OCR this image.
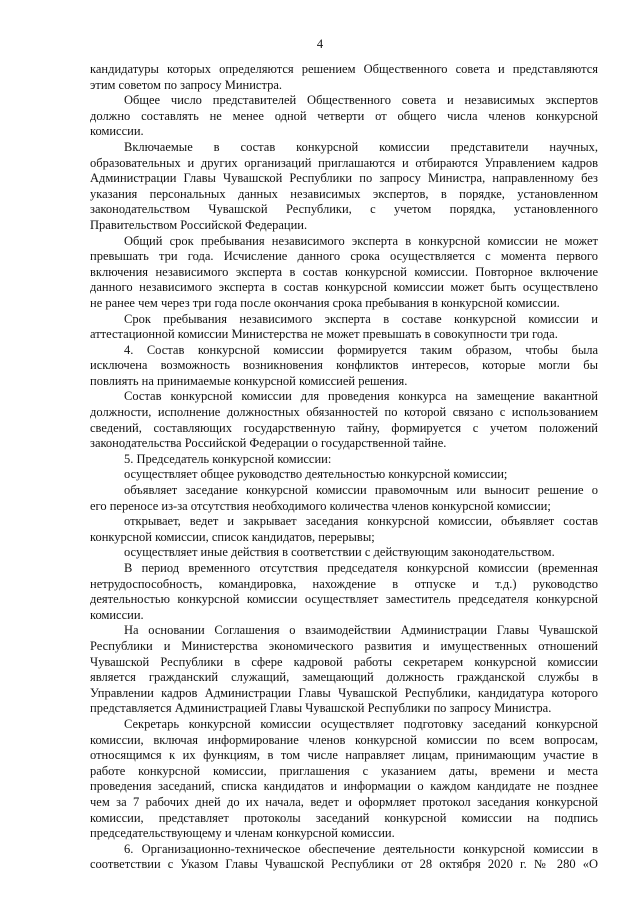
4
кандидатуры которых определяются решением Общественного совета и представляются
этим советом по запросу Министра.
Общее число представителей Общественного совета и независимых экспертов
должно составлять не менее одной четверти от общего числа членов конкурсной
комиссии.
Включаемые в состав конкурсной комиссии представители научных,
образовательных и других организаций приглашаются и отбираются Управлением кадров
Администрации Главы Чувашской Республики по запросу Министра, направленному без
указания персональных данных независимых экспертов, в порядке, установленном
законодательством Чувашской Республики, с учетом порядка, установленного
Правительством Российской Федерации.
Общий срок пребывания независимого эксперта в конкурсной комиссии не может
превышать три года. Исчисление данного срока осуществляется с момента первого
включения независимого эксперта в состав конкурсной комиссии. Повторное включение
данного независимого эксперта в состав конкурсной комиссии может быть осуществлено
не ранее чем через три года после окончания срока пребывания в конкурсной комиссии.
Срок пребывания независимого эксперта в составе конкурсной комиссии и
аттестационной комиссии Министерства не может превышать в совокупности три года.
4. Состав конкурсной комиссии формируется таким образом, чтобы была
исключена возможность возникновения конфликтов интересов, которые могли бы
повлиять на принимаемые конкурсной комиссией решения.
Состав конкурсной комиссии для проведения конкурса на замещение вакантной
должности, исполнение должностных обязанностей по которой связано с использованием
сведений, составляющих государственную тайну, формируется с учетом положений
законодательства Российской Федерации о государственной тайне.
5. Председатель конкурсной комиссии:
осуществляет общее руководство деятельностью конкурсной комиссии;
объявляет заседание конкурсной комиссии правомочным или выносит решение о
его переносе из-за отсутствия необходимого количества членов конкурсной комиссии;
открывает, ведет и закрывает заседания конкурсной комиссии, объявляет состав
конкурсной комиссии, список кандидатов, перерывы;
осуществляет иные действия в соответствии с действующим законодательством.
В период временного отсутствия председателя конкурсной комиссии (временная
нетрудоспособность, командировка, нахождение в отпуске и т.д.) руководство
деятельностью конкурсной комиссии осуществляет заместитель председателя конкурсной
комиссии.
На основании Соглашения о взаимодействии Администрации Главы Чувашской
Республики и Министерства экономического развития и имущественных отношений
Чувашской Республики в сфере кадровой работы секретарем конкурсной комиссии
является гражданский служащий, замещающий должность гражданской службы в
Управлении кадров Администрации Главы Чувашской Республики, кандидатура которого
представляется Администрацией Главы Чувашской Республики по запросу Министра.
Секретарь конкурсной комиссии осуществляет подготовку заседаний конкурсной
комиссии, включая информирование членов конкурсной комиссии по всем вопросам,
относящимся к их функциям, в том числе направляет лицам, принимающим участие в
работе конкурсной комиссии, приглашения с указанием даты, времени и места
проведения заседаний, списка кандидатов и информации о каждом кандидате не позднее
чем за 7 рабочих дней до их начала, ведет и оформляет протокол заседания конкурсной
комиссии, представляет протоколы заседаний конкурсной комиссии на подпись
председательствующему и членам конкурсной комиссии.
6. Организационно-техническое обеспечение деятельности конкурсной комиссии в
соответствии с Указом Главы Чувашской Республики от 28 октября 2020 г. № 280 «О
